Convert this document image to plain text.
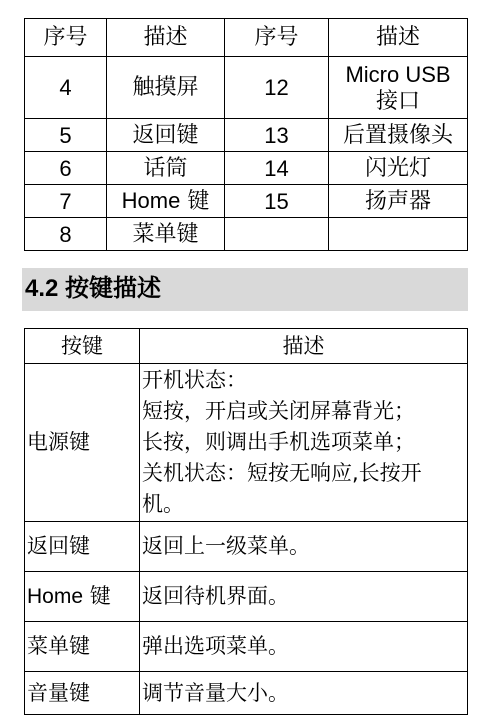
序号	描述	序号	描述
4	触摸屏	12	Micro USB
接口

5	返回键	13	后置摄像头
6	话筒	14	闪光灯
7	Home 键	15	扬声器
8	菜单键		
4.2 按键描述
按键	描述
电源键	开机状态：
短按，开启或关闭屏幕背光；
长按，则调出手机选项菜单；
关机状态：短按无响应,长按开
机。

返回键	返回上一级菜单。
Home 键	返回待机界面。
菜单键	弹出选项菜单。
音量键	调节音量大小。
